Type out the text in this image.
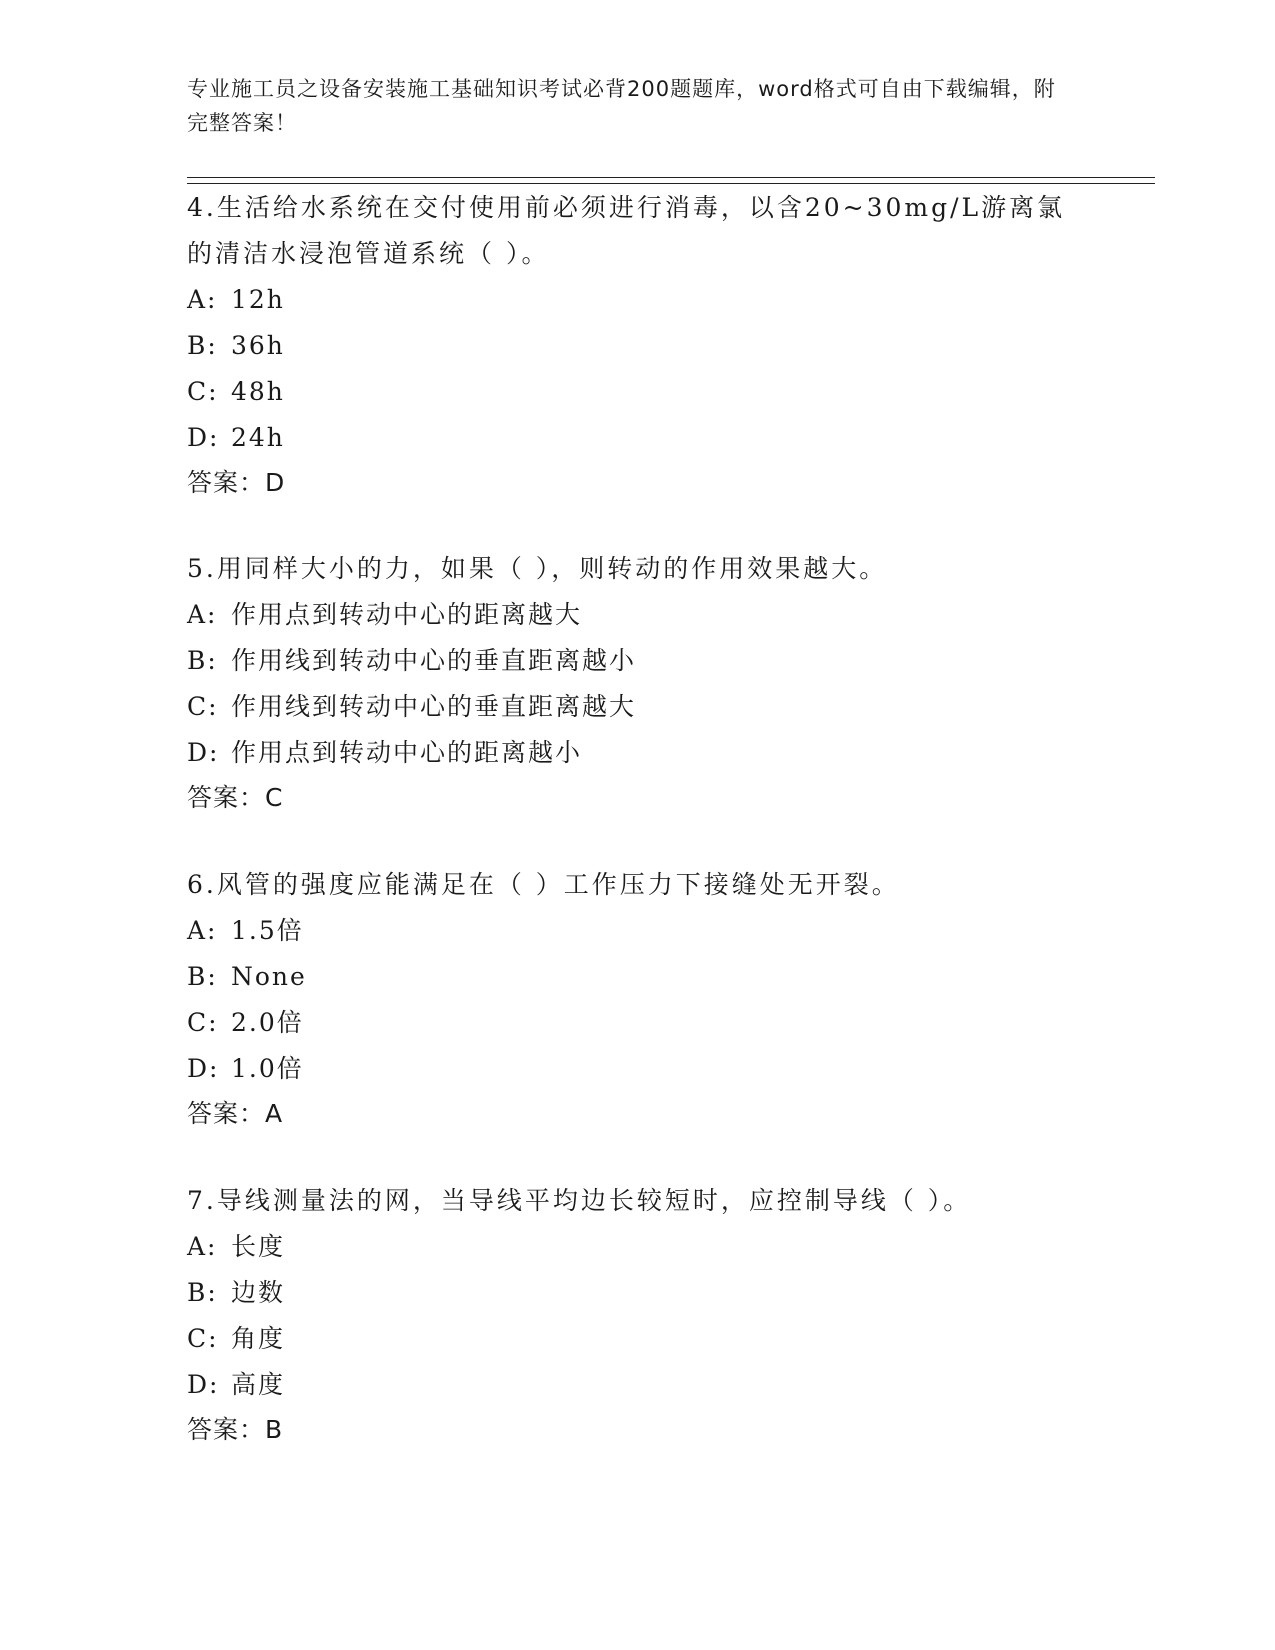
专业施工员之设备安装施工基础知识考试必背200题题库，word格式可自由下载编辑，附完整答案！

4.生活给水系统在交付使用前必须进行消毒，以含20~30mg/L游离氯的清洁水浸泡管道系统（ ）。

A: 12h
B: 36h
C: 48h
D: 24h
答案：D

5.用同样大小的力，如果（ ），则转动的作用效果越大。

A: 作用点到转动中心的距离越大
B: 作用线到转动中心的垂直距离越小
C: 作用线到转动中心的垂直距离越大
D: 作用点到转动中心的距离越小
答案：C

6.风管的强度应能满足在（ ）工作压力下接缝处无开裂。

A: 1.5倍
B: None
C: 2.0倍
D: 1.0倍
答案：A

7.导线测量法的网，当导线平均边长较短时，应控制导线（ ）。

A: 长度
B: 边数
C: 角度
D: 高度
答案：B
